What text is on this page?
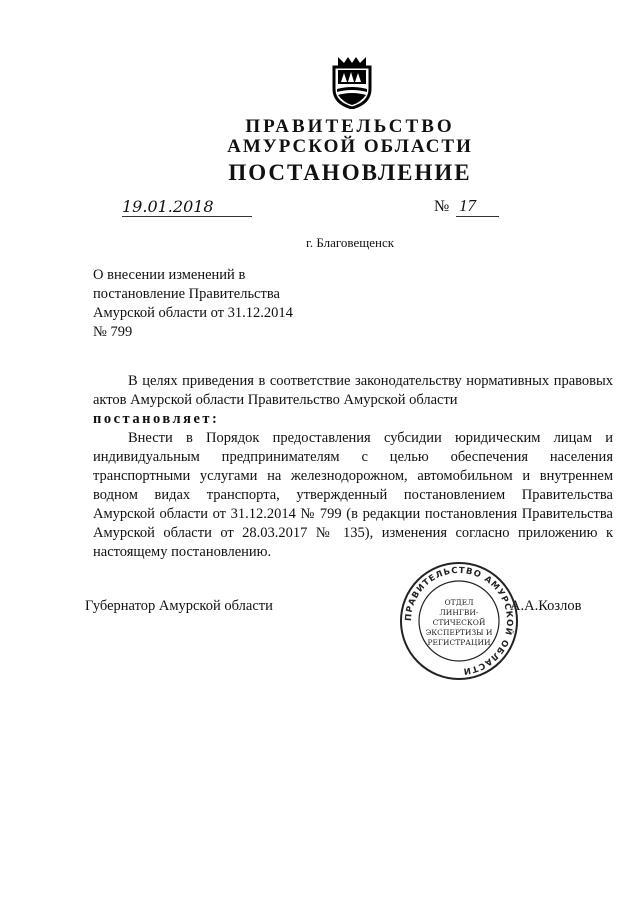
ПРАВИТЕЛЬСТВО
АМУРСКОЙ ОБЛАСТИ
ПОСТАНОВЛЕНИЕ
19.01.2018	№ 17
г. Благовещенск
О внесении изменений в постановление Правительства Амурской области от 31.12.2014 № 799

В целях приведения в соответствие законодательству нормативных правовых актов Амурской области Правительство Амурской области

постановляет:

Внести в Порядок предоставления субсидии юридическим лицам и индивидуальным предпринимателям с целью обеспечения населения транспортными услугами на железнодорожном, автомобильном и внутреннем водном видах транспорта, утвержденный постановлением Правительства Амурской области от 31.12.2014 № 799 (в редакции постановления Правительства Амурской области от 28.03.2017 № 135), изменения согласно приложению к настоящему постановлению.

Губернатор Амурской области	А.А.Козлов
ПРАВИТЕЛЬСТВО АМУРСКОЙ ОБЛАСТИ
ОТДЕЛ
ЛИНГВИ-
СТИЧЕСКОЙ
ЭКСПЕРТИЗЫ И
РЕГИСТРАЦИИ
